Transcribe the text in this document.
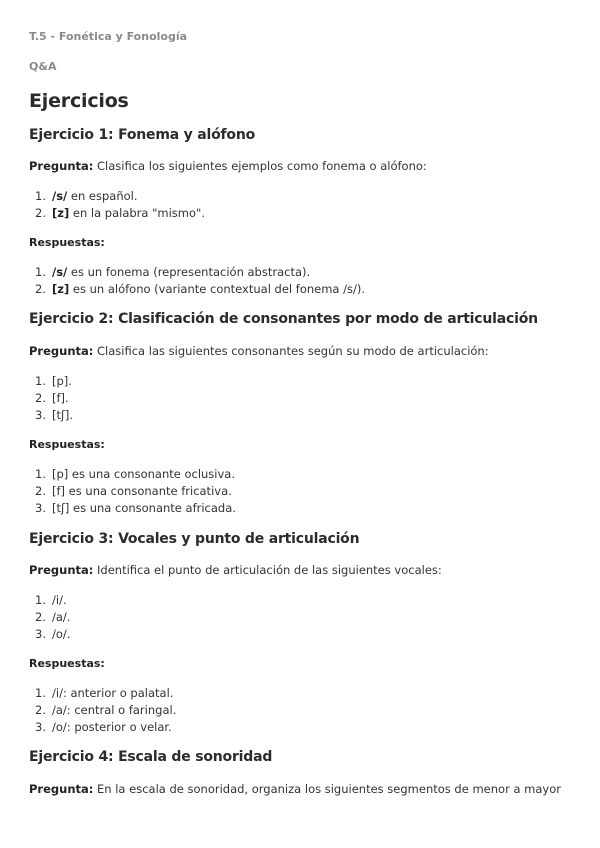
T.5 - Fonética y Fonología
Q&A
Ejercicios
Ejercicio 1: Fonema y alófono

Pregunta: Clasifica los siguientes ejemplos como fonema o alófono:

1. /s/ en español.
2. [z] en la palabra "mismo".
Respuestas:
1. /s/ es un fonema (representación abstracta).
2. [z] es un alófono (variante contextual del fonema /s/).
Ejercicio 2: Clasificación de consonantes por modo de articulación

Pregunta: Clasifica las siguientes consonantes según su modo de articulación:

1. [p].
2. [f].
3. [tʃ].
Respuestas:
1. [p] es una consonante oclusiva.
2. [f] es una consonante fricativa.
3. [tʃ] es una consonante africada.
Ejercicio 3: Vocales y punto de articulación

Pregunta: Identifica el punto de articulación de las siguientes vocales:

1. /i/.
2. /a/.
3. /o/.
Respuestas:
1. /i/: anterior o palatal.
2. /a/: central o faringal.
3. /o/: posterior o velar.
Ejercicio 4: Escala de sonoridad

Pregunta: En la escala de sonoridad, organiza los siguientes segmentos de menor a mayor
